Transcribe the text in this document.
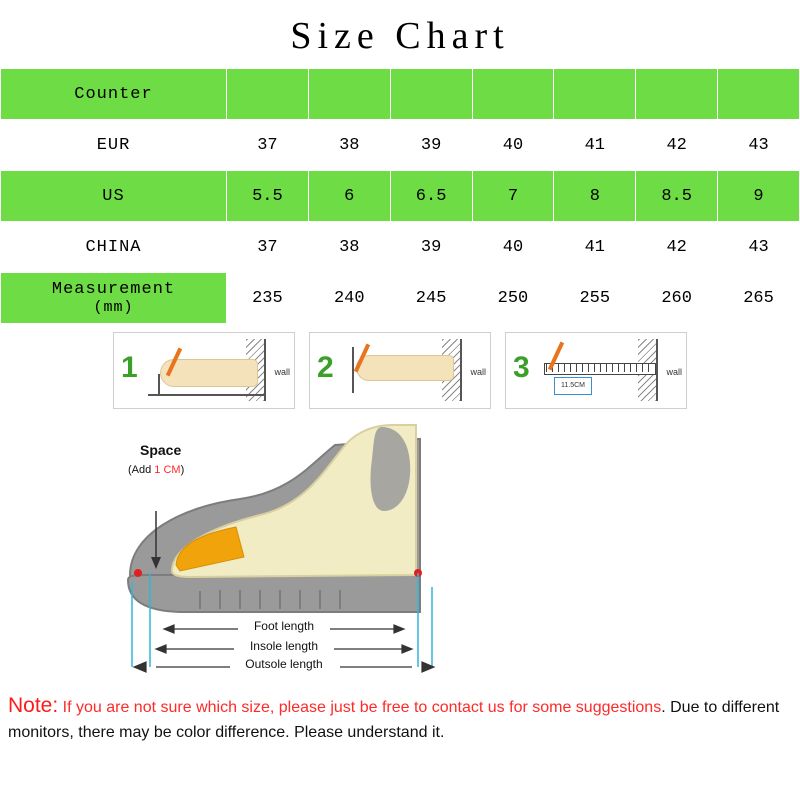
Size Chart
Counter							
EUR	37	38	39	40	41	42	43
US	5.5	6	6.5	7	8	8.5	9
CHINA	37	38	39	40	41	42	43
Measurement
(mm)	235	240	245	250	255	260	265
1	wall 2	wall 3	wall
11.5CM
Space
(Add 1 CM)
Foot length
Insole length
Outsole length
Note: If you are not sure which size, please just be free to contact us for some suggestions. Due to different monitors, there may be color difference. Please understand it.
